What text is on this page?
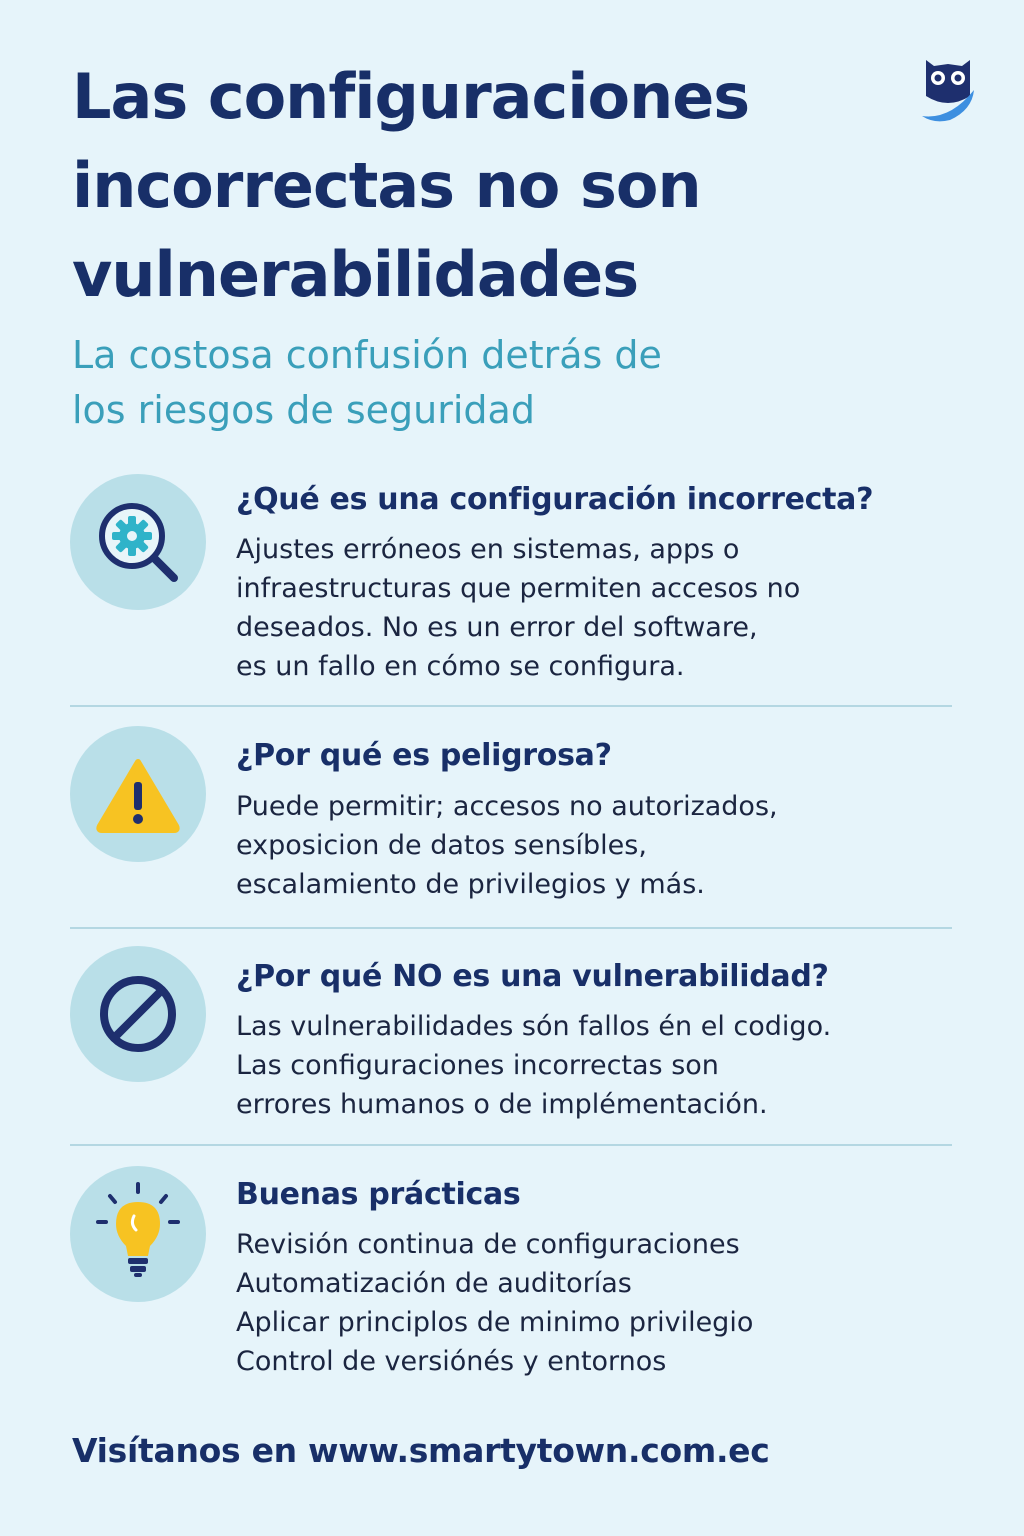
Las configuraciones
incorrectas no son
vulnerabilidades

La costosa confusión detrás de
los riesgos de seguridad

¿Qué es una configuración incorrecta?
Ajustes erróneos en sistemas, apps o
infraestructuras que permiten accesos no
deseados. No es un error del software,
es un fallo en cómo se configura.
¿Por qué es peligrosa?
Puede permitir; accesos no autorizados,
exposicion de datos sensíbles,
escalamiento de privilegios y más.
¿Por qué NO es una vulnerabilidad?
Las vulnerabilidades són fallos én el codigo.
Las configuraciones incorrectas son
errores humanos o de implémentación.
Buenas prácticas
Revisión continua de configuraciones
Automatización de auditorías
Aplicar principlos de minimo privilegio
Control de versiónés y entornos

Visítanos en www.smartytown.com.ec
